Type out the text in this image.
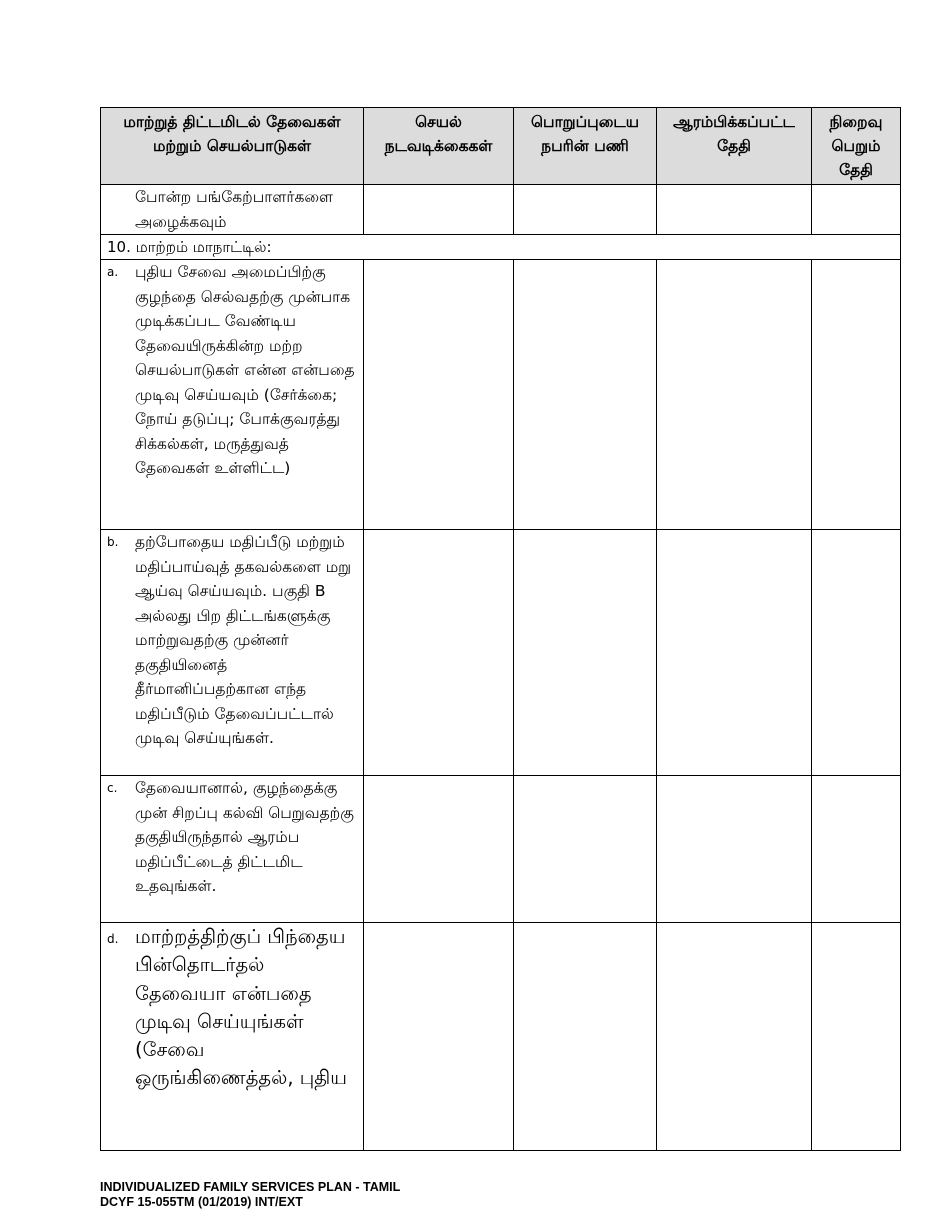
மாற்றுத் திட்டமிடல் தேவைகள் மற்றும் செயல்பாடுகள்	செயல் நடவடிக்கைகள்	பொறுப்புடைய நபரின் பணி	ஆரம்பிக்கப்பட்ட தேதி	நிறைவு பெறும் தேதி

போன்ற பங்கேற்பாளர்களை அழைக்கவும்				

10. மாற்றம் மாநாட்டில்:				

a. புதிய சேவை அமைப்பிற்கு குழந்தை செல்வதற்கு முன்பாக முடிக்கப்பட வேண்டிய தேவையிருக்கின்ற மற்ற செயல்பாடுகள் என்ன என்பதை முடிவு செய்யவும் (சேர்க்கை; நோய் தடுப்பு; போக்குவரத்து சிக்கல்கள், மருத்துவத் தேவைகள் உள்ளிட்ட)				

b. தற்போதைய மதிப்பீடு மற்றும் மதிப்பாய்வுத் தகவல்களை மறு ஆய்வு செய்யவும். பகுதி B அல்லது பிற திட்டங்களுக்கு மாற்றுவதற்கு முன்னர் தகுதியினைத் தீர்மானிப்பதற்கான எந்த மதிப்பீடும் தேவைப்பட்டால் முடிவு செய்யுங்கள்.				

c. தேவையானால், குழந்தைக்கு முன் சிறப்பு கல்வி பெறுவதற்கு தகுதியிருந்தால் ஆரம்ப மதிப்பீட்டைத் திட்டமிட உதவுங்கள்.				

d. மாற்றத்திற்குப் பிந்தைய பின்தொடர்தல் தேவையா என்பதை முடிவு செய்யுங்கள் (சேவை ஒருங்கிணைத்தல், புதிய				

INDIVIDUALIZED FAMILY SERVICES PLAN - TAMIL
DCYF 15-055TM (01/2019) INT/EXT
